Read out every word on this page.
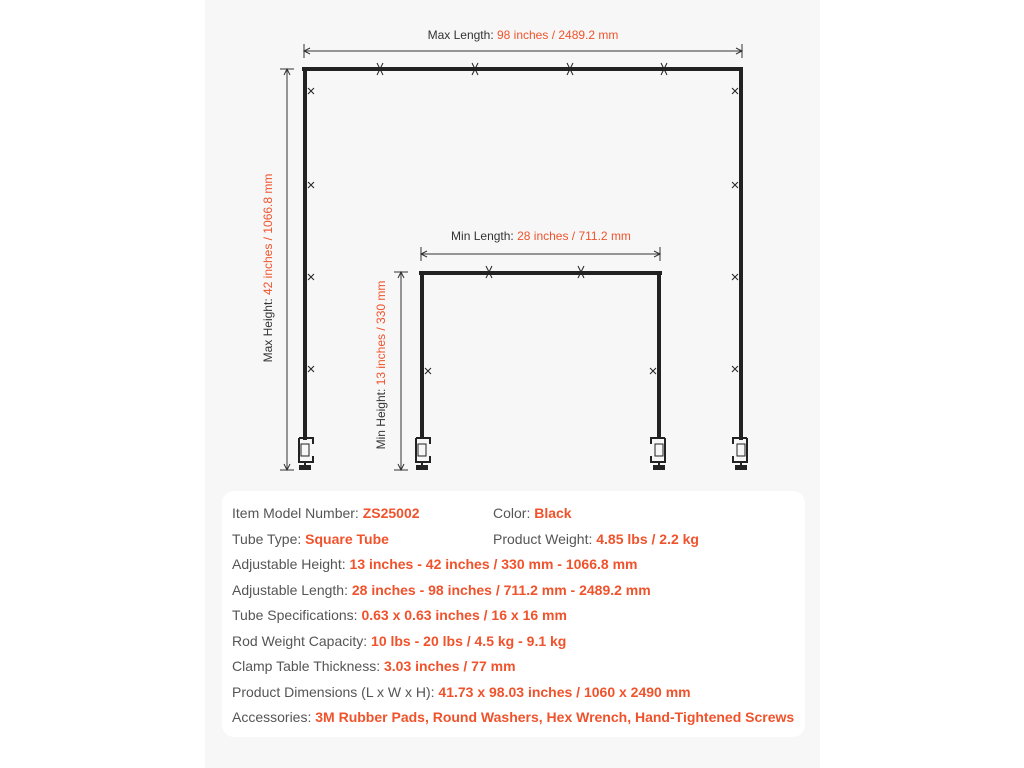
Max Length: 98 inches / 2489.2 mm
Max Height: 42 inches / 1066.8 mm	Min Length: 28 inches / 711.2 mm
Min Height: 13 inches / 330 mm
Item Model Number: ZS25002	Color: Black
Tube Type: Square Tube	Product Weight: 4.85 lbs / 2.2 kg
Adjustable Height: 13 inches - 42 inches / 330 mm - 1066.8 mm
Adjustable Length: 28 inches - 98 inches / 711.2 mm - 2489.2 mm
Tube Specifications: 0.63 x 0.63 inches / 16 x 16 mm
Rod Weight Capacity: 10 lbs - 20 lbs / 4.5 kg - 9.1 kg
Clamp Table Thickness: 3.03 inches / 77 mm
Product Dimensions (L x W x H): 41.73 x 98.03 inches / 1060 x 2490 mm
Accessories: 3M Rubber Pads, Round Washers, Hex Wrench, Hand-Tightened Screws
